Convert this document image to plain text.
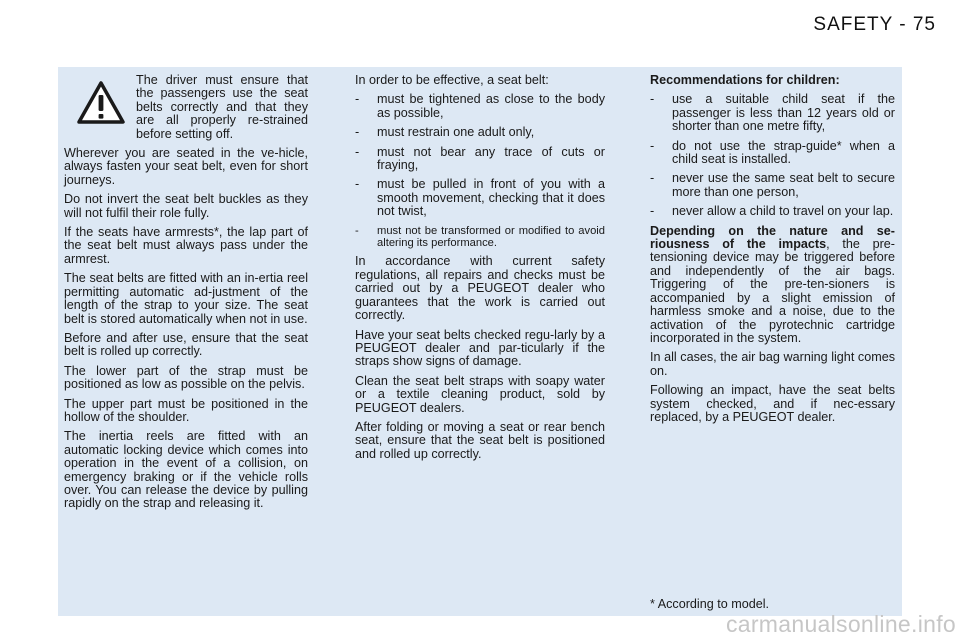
SAFETY - 75

The driver must ensure that the passengers use the seat belts correctly and that they are all properly re-strained before setting off.

Wherever you are seated in the ve-hicle, always fasten your seat belt, even for short journeys.

Do not invert the seat belt buckles as they will not fulfil their role fully.

If the seats have armrests*, the lap part of the seat belt must always pass under the armrest.

The seat belts are fitted with an in-ertia reel permitting automatic ad-justment of the length of the strap to your size. The seat belt is stored automatically when not in use.

Before and after use, ensure that the seat belt is rolled up correctly.

The lower part of the strap must be positioned as low as possible on the pelvis.

The upper part must be positioned in the hollow of the shoulder.

The inertia reels are fitted with an automatic locking device which comes into operation in the event of a collision, on emergency braking or if the vehicle rolls over. You can release the device by pulling rapidly on the strap and releasing it.

In order to be effective, a seat belt:

- must be tightened as close to the body as possible,
- must restrain one adult only,
- must not bear any trace of cuts or fraying,
- must be pulled in front of you with a smooth movement, checking that it does not twist,
- must not be transformed or modified to avoid altering its performance.

In accordance with current safety regulations, all repairs and checks must be carried out by a PEUGEOT dealer who guarantees that the work is carried out correctly.

Have your seat belts checked regu-larly by a PEUGEOT dealer and par-ticularly if the straps show signs of damage.

Clean the seat belt straps with soapy water or a textile cleaning product, sold by PEUGEOT dealers.

After folding or moving a seat or rear bench seat, ensure that the seat belt is positioned and rolled up correctly.

Recommendations for children:

- use a suitable child seat if the passenger is less than 12 years old or shorter than one metre fifty,
- do not use the strap-guide* when a child seat is installed.
- never use the same seat belt to secure more than one person,
- never allow a child to travel on your lap.

Depending on the nature and se-riousness of the impacts, the pre-tensioning device may be triggered before and independently of the air bags. Triggering of the pre-ten-sioners is accompanied by a slight emission of harmless smoke and a noise, due to the activation of the pyrotechnic cartridge incorporated in the system.

In all cases, the air bag warning light comes on.

Following an impact, have the seat belts system checked, and if nec-essary replaced, by a PEUGEOT dealer.

* According to model.
carmanualsonline.info
